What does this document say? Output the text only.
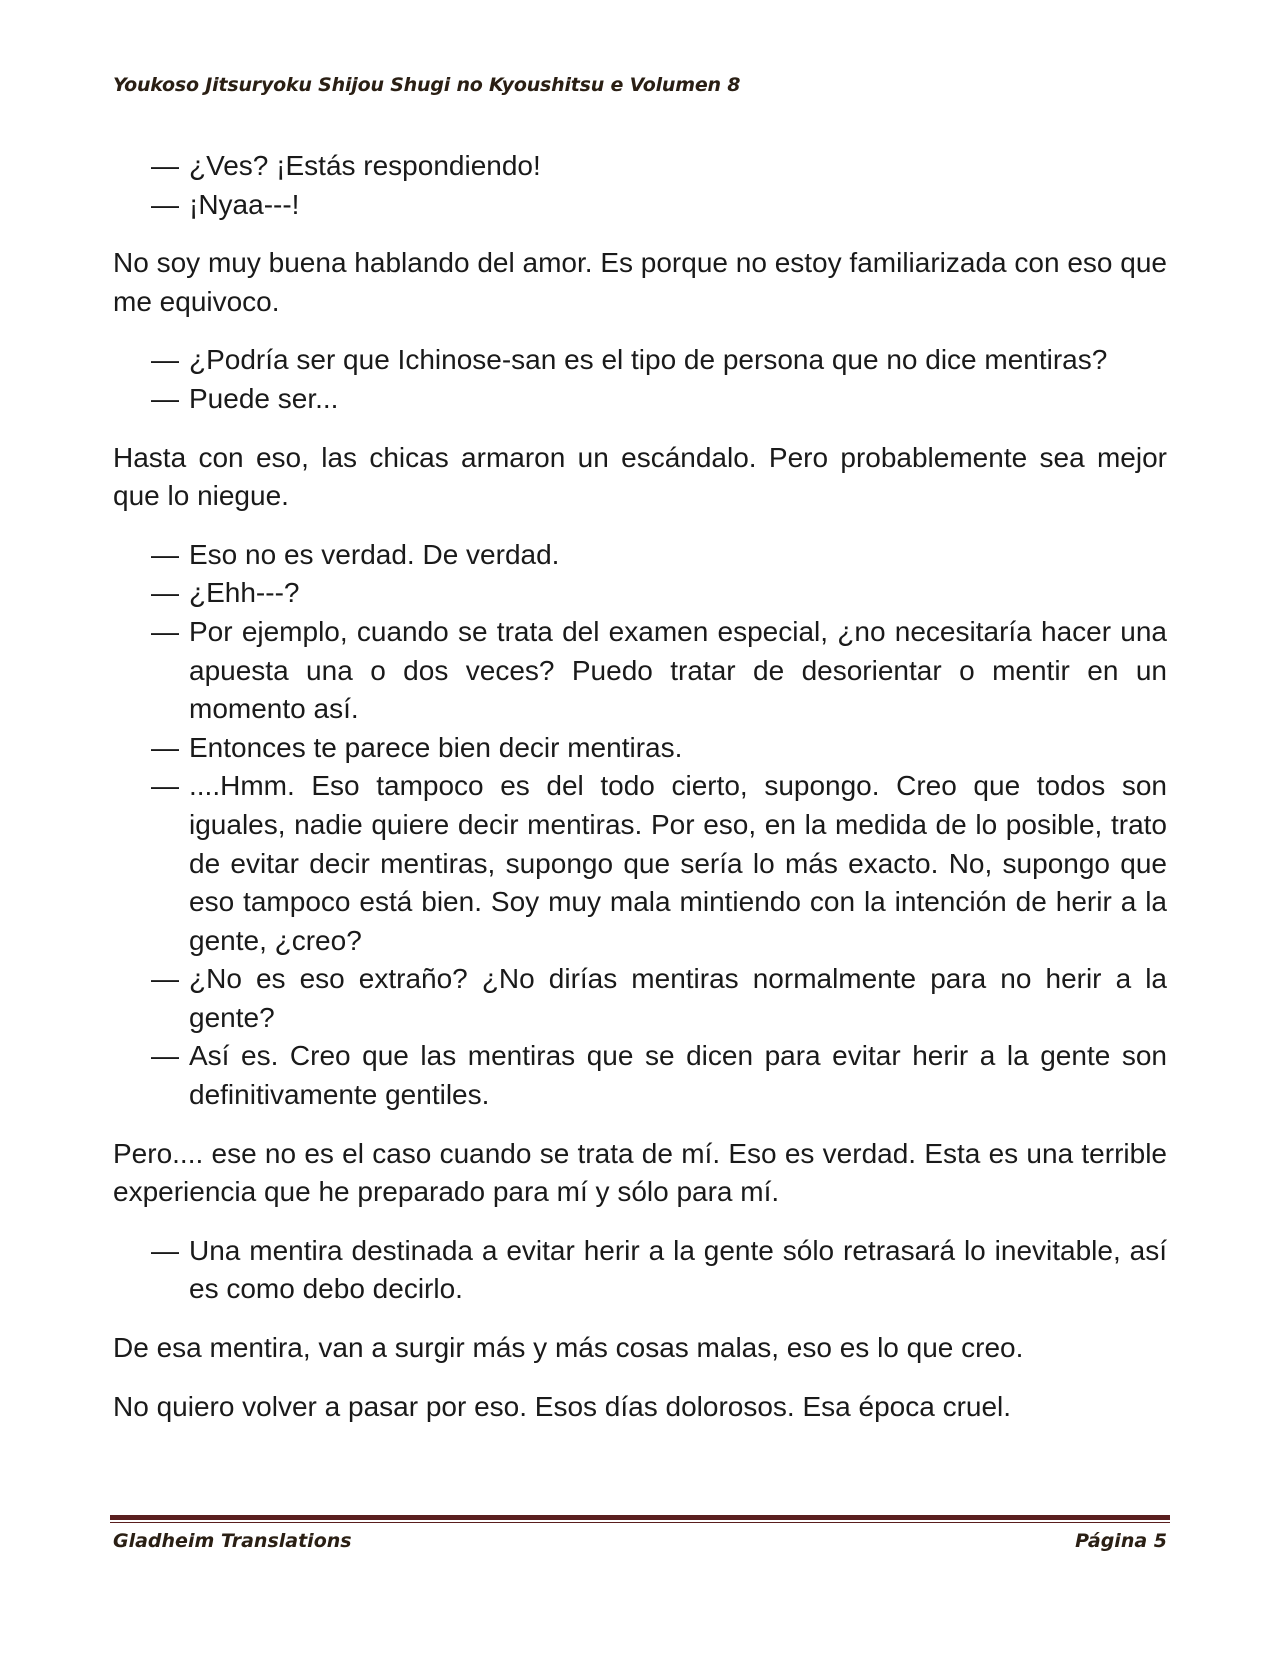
Youkoso Jitsuryoku Shijou Shugi no Kyoushitsu e Volumen 8
— ¿Ves? ¡Estás respondiendo!
— ¡Nyaa---!

No soy muy buena hablando del amor. Es porque no estoy familiarizada con eso que me equivoco.

— ¿Podría ser que Ichinose-san es el tipo de persona que no dice mentiras?
— Puede ser...

Hasta con eso, las chicas armaron un escándalo. Pero probablemente sea mejor que lo niegue.

— Eso no es verdad. De verdad.
— ¿Ehh---?
— Por ejemplo, cuando se trata del examen especial, ¿no necesitaría hacer una apuesta una o dos veces? Puedo tratar de desorientar o mentir en un momento así.
— Entonces te parece bien decir mentiras.
— ....Hmm. Eso tampoco es del todo cierto, supongo. Creo que todos son iguales, nadie quiere decir mentiras. Por eso, en la medida de lo posible, trato de evitar decir mentiras, supongo que sería lo más exacto. No, supongo que eso tampoco está bien. Soy muy mala mintiendo con la intención de herir a la gente, ¿creo?
— ¿No es eso extraño? ¿No dirías mentiras normalmente para no herir a la gente?
— Así es. Creo que las mentiras que se dicen para evitar herir a la gente son definitivamente gentiles.

Pero.... ese no es el caso cuando se trata de mí. Eso es verdad. Esta es una terrible experiencia que he preparado para mí y sólo para mí.

— Una mentira destinada a evitar herir a la gente sólo retrasará lo inevitable, así es como debo decirlo.

De esa mentira, van a surgir más y más cosas malas, eso es lo que creo.

No quiero volver a pasar por eso. Esos días dolorosos. Esa época cruel.

Gladheim Translations	Página 5
